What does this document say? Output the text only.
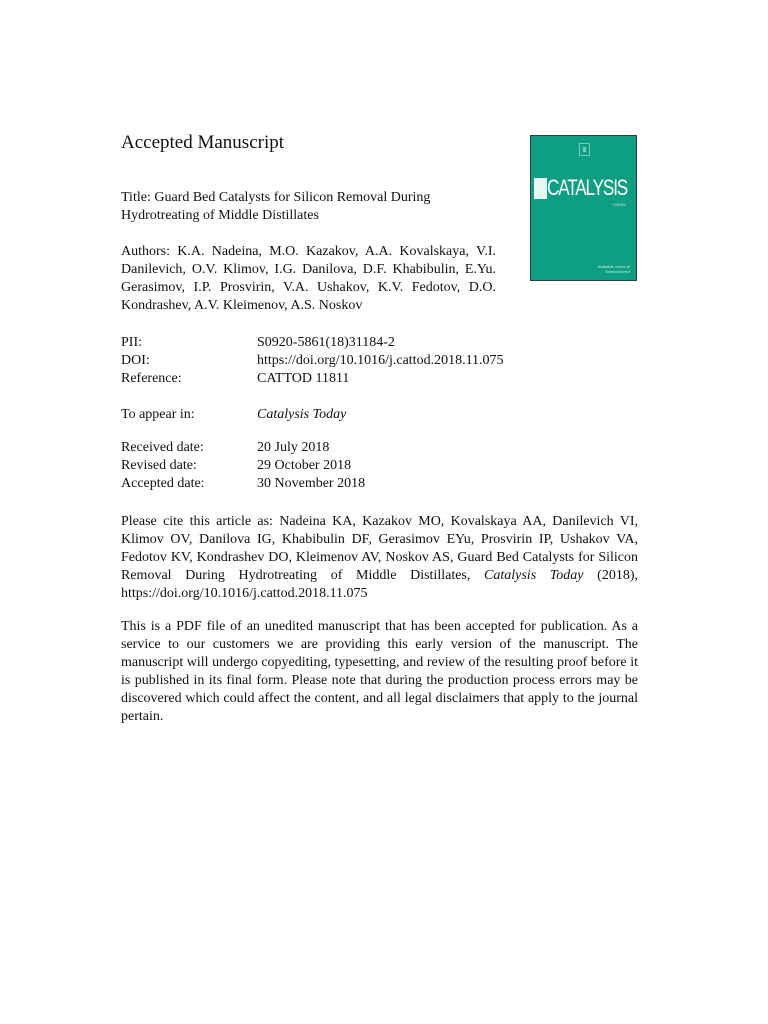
Accepted Manuscript
CATALYSIS
TODAY
Available online at
ScienceDirect

Title: Guard Bed Catalysts for Silicon Removal During Hydrotreating of Middle Distillates

Authors: K.A. Nadeina, M.O. Kazakov, A.A. Kovalskaya, V.I. Danilevich, O.V. Klimov, I.G. Danilova, D.F. Khabibulin, E.Yu. Gerasimov, I.P. Prosvirin, V.A. Ushakov, K.V. Fedotov, D.O. Kondrashev, A.V. Kleimenov, A.S. Noskov

PII:	S0920-5861(18)31184-2
DOI:	https://doi.org/10.1016/j.cattod.2018.11.075
Reference:	CATTOD 11811
To appear in:	Catalysis Today
Received date:	20 July 2018
Revised date:	29 October 2018
Accepted date:	30 November 2018

Please cite this article as: Nadeina KA, Kazakov MO, Kovalskaya AA, Danilevich VI, Klimov OV, Danilova IG, Khabibulin DF, Gerasimov EYu, Prosvirin IP, Ushakov VA, Fedotov KV, Kondrashev DO, Kleimenov AV, Noskov AS, Guard Bed Catalysts for Silicon Removal During Hydrotreating of Middle Distillates, Catalysis Today (2018), https://doi.org/10.1016/j.cattod.2018.11.075

This is a PDF file of an unedited manuscript that has been accepted for publication. As a service to our customers we are providing this early version of the manuscript. The manuscript will undergo copyediting, typesetting, and review of the resulting proof before it is published in its final form. Please note that during the production process errors may be discovered which could affect the content, and all legal disclaimers that apply to the journal pertain.
